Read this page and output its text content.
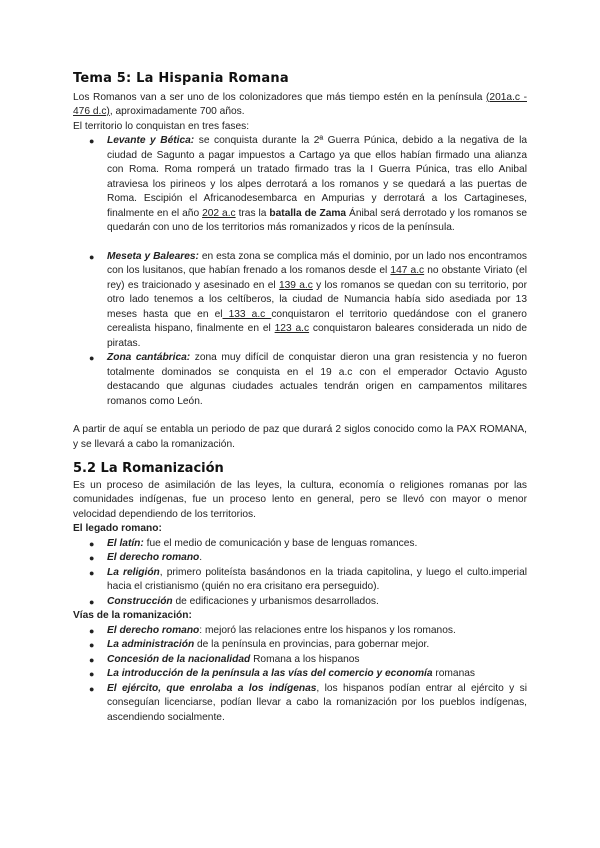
Tema 5: La Hispania Romana

Los Romanos van a ser uno de los colonizadores que más tiempo estén en la península (201a.c - 476 d.c), aproximadamente 700 años.

El territorio lo conquistan en tres fases:

● Levante y Bética: se conquista durante la 2ª Guerra Púnica, debido a la negativa de la ciudad de Sagunto a pagar impuestos a Cartago ya que ellos habían firmado una alianza con Roma. Roma romperá un tratado firmado tras la I Guerra Púnica, tras ello Anibal atraviesa los pirineos y los alpes derrotará a los romanos y se quedará a las puertas de Roma. Escipión el Africanodesembarca en Ampurias y derrotará a los Cartagineses, finalmente en el año 202 a.c tras la batalla de Zama Ánibal será derrotado y los romanos se quedarán con uno de los territorios más romanizados y ricos de la península.
● Meseta y Baleares: en esta zona se complica más el dominio, por un lado nos encontramos con los lusitanos, que habían frenado a los romanos desde el 147 a.c no obstante Viriato (el rey) es traicionado y asesinado en el 139 a.c y los romanos se quedan con su territorio, por otro lado tenemos a los celtíberos, la ciudad de Numancia había sido asediada por 13 meses hasta que en el 133 a.c conquistaron el territorio quedándose con el granero cerealista hispano, finalmente en el 123 a.c conquistaron baleares considerada un nido de piratas.
● Zona cantábrica: zona muy difícil de conquistar dieron una gran resistencia y no fueron totalmente dominados se conquista en el 19 a.c con el emperador Octavio Agusto destacando que algunas ciudades actuales tendrán origen en campamentos militares romanos como León.

A partir de aquí se entabla un periodo de paz que durará 2 siglos conocido como la PAX ROMANA, y se llevará a cabo la romanización.

5.2 La Romanización

Es un proceso de asimilación de las leyes, la cultura, economía o religiones romanas por las comunidades indígenas, fue un proceso lento en general, pero se llevó con mayor o menor velocidad dependiendo de los territorios.

El legado romano:

● El latín: fue el medio de comunicación y base de lenguas romances.
● El derecho romano.
● La religión, primero politeísta basándonos en la triada capitolina, y luego el culto.imperial hacia el cristianismo (quién no era crisitano era perseguido).
● Construcción de edificaciones y urbanismos desarrollados.

Vías de la romanización:

● El derecho romano: mejoró las relaciones entre los hispanos y los romanos.
● La administración de la península en provincias, para gobernar mejor.
● Concesión de la nacionalidad Romana a los hispanos
● La introducción de la península a las vías del comercio y economía romanas
● El ejército, que enrolaba a los indígenas, los hispanos podían entrar al ejército y si conseguían licenciarse, podían llevar a cabo la romanización por los pueblos indígenas, ascendiendo socialmente.
